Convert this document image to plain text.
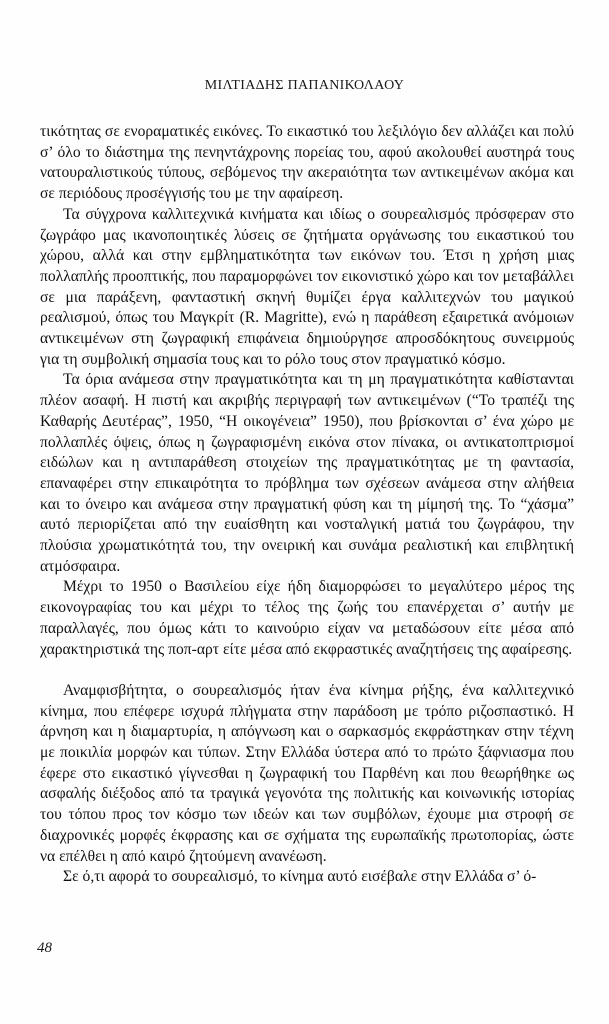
ΜΙΛΤΙΑΔΗΣ ΠΑΠΑΝΙΚΟΛΑΟΥ

τικότητας σε ενοραματικές εικόνες. Το εικαστικό του λεξιλόγιο δεν αλλάζει και πολύ σ’ όλο το διάστημα της πενηντάχρονης πορείας του, αφού ακολουθεί αυστηρά τους νατουραλιστικούς τύπους, σεβόμενος την ακεραιότητα των αντικειμένων ακόμα και σε περιόδους προσέγγισής του με την αφαίρεση.

Τα σύγχρονα καλλιτεχνικά κινήματα και ιδίως ο σουρεαλισμός πρόσφεραν στο ζωγράφο μας ικανοποιητικές λύσεις σε ζητήματα οργάνωσης του εικαστικού του χώρου, αλλά και στην εμβληματικότητα των εικόνων του. Έτσι η χρήση μιας πολλαπλής προοπτικής, που παραμορφώνει τον εικονιστικό χώρο και τον μεταβάλλει σε μια παράξενη, φανταστική σκηνή θυμίζει έργα καλλιτεχνών του μαγικού ρεαλισμού, όπως του Μαγκρίτ (R. Magritte), ενώ η παράθεση εξαιρετικά ανόμοιων αντικειμένων στη ζωγραφική επιφάνεια δημιούργησε απροσδόκητους συνειρμούς για τη συμβολική σημασία τους και το ρόλο τους στον πραγματικό κόσμο.

Τα όρια ανάμεσα στην πραγματικότητα και τη μη πραγματικότητα καθίστανται πλέον ασαφή. Η πιστή και ακριβής περιγραφή των αντικειμένων (“Το τραπέζι της Καθαρής Δευτέρας”, 1950, “Η οικογένεια” 1950), που βρίσκονται σ’ ένα χώρο με πολλαπλές όψεις, όπως η ζωγραφισμένη εικόνα στον πίνακα, οι αντικατοπτρισμοί ειδώλων και η αντιπαράθεση στοιχείων της πραγματικότητας με τη φαντασία, επαναφέρει στην επικαιρότητα το πρόβλημα των σχέσεων ανάμεσα στην αλήθεια και το όνειρο και ανάμεσα στην πραγματική φύση και τη μίμησή της. Το “χάσμα” αυτό περιορίζεται από την ευαίσθητη και νοσταλγική ματιά του ζωγράφου, την πλούσια χρωματικότητά του, την ονειρική και συνάμα ρεαλιστική και επιβλητική ατμόσφαιρα.

Μέχρι το 1950 ο Βασιλείου είχε ήδη διαμορφώσει το μεγαλύτερο μέρος της εικονογραφίας του και μέχρι το τέλος της ζωής του επανέρχεται σ’ αυτήν με παραλλαγές, που όμως κάτι το καινούριο είχαν να μεταδώσουν είτε μέσα από χαρακτηριστικά της ποπ-αρτ είτε μέσα από εκφραστικές αναζητήσεις της αφαίρεσης.

Αναμφισβήτητα, ο σουρεαλισμός ήταν ένα κίνημα ρήξης, ένα καλλιτεχνικό κίνημα, που επέφερε ισχυρά πλήγματα στην παράδοση με τρόπο ριζοσπαστικό. Η άρνηση και η διαμαρτυρία, η απόγνωση και ο σαρκασμός εκφράστηκαν στην τέχνη με ποικιλία μορφών και τύπων. Στην Ελλάδα ύστερα από το πρώτο ξάφνιασμα που έφερε στο εικαστικό γίγνεσθαι η ζωγραφική του Παρθένη και που θεωρήθηκε ως ασφαλής διέξοδος από τα τραγικά γεγονότα της πολιτικής και κοινωνικής ιστορίας του τόπου προς τον κόσμο των ιδεών και των συμβόλων, έχουμε μια στροφή σε διαχρονικές μορφές έκφρασης και σε σχήματα της ευρωπαϊκής πρωτοπορίας, ώστε να επέλθει η από καιρό ζητούμενη ανανέωση.

Σε ό,τι αφορά το σουρεαλισμό, το κίνημα αυτό εισέβαλε στην Ελλάδα σ’ ό-

48
